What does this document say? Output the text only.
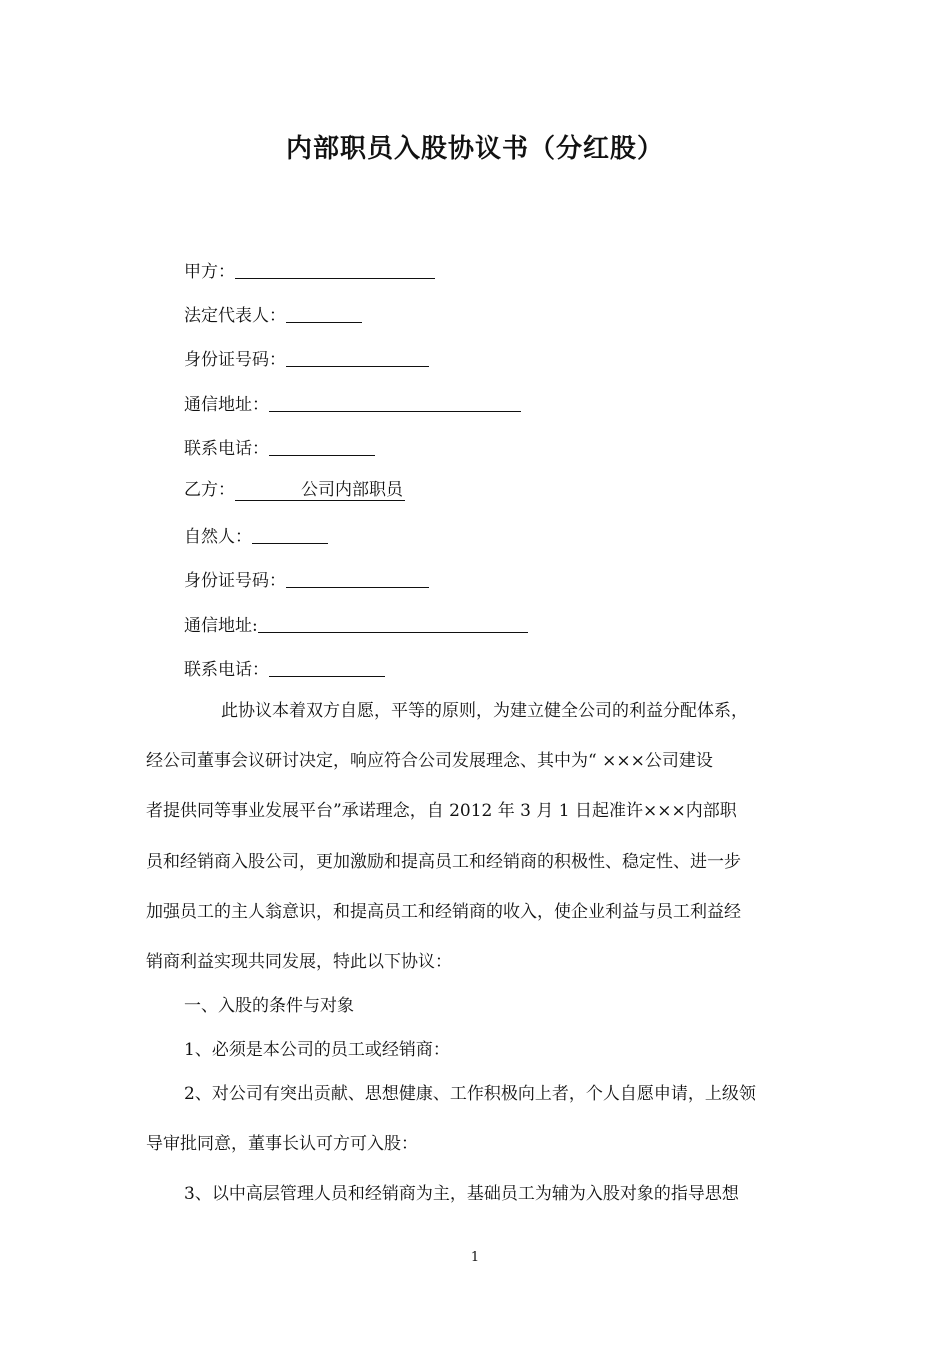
内部职员入股协议书（分红股）
甲方：
法定代表人：
身份证号码：
通信地址：
联系电话：
乙方：	公司内部职员
自然人：
身份证号码：
通信地址:
联系电话：
此协议本着双方自愿，平等的原则，为建立健全公司的利益分配体系，
经公司董事会议研讨决定，响应符合公司发展理念、其中为“ ×××公司建设
者提供同等事业发展平台”承诺理念，自 2012 年 3 月 1 日起准许×××内部职
员和经销商入股公司，更加激励和提高员工和经销商的积极性、稳定性、进一步
加强员工的主人翁意识，和提高员工和经销商的收入，使企业利益与员工利益经
销商利益实现共同发展，特此以下协议：
一、入股的条件与对象
1、必须是本公司的员工或经销商：
2、对公司有突出贡献、思想健康、工作积极向上者，个人自愿申请，上级领
导审批同意，董事长认可方可入股：
3、以中高层管理人员和经销商为主，基础员工为辅为入股对象的指导思想
1
